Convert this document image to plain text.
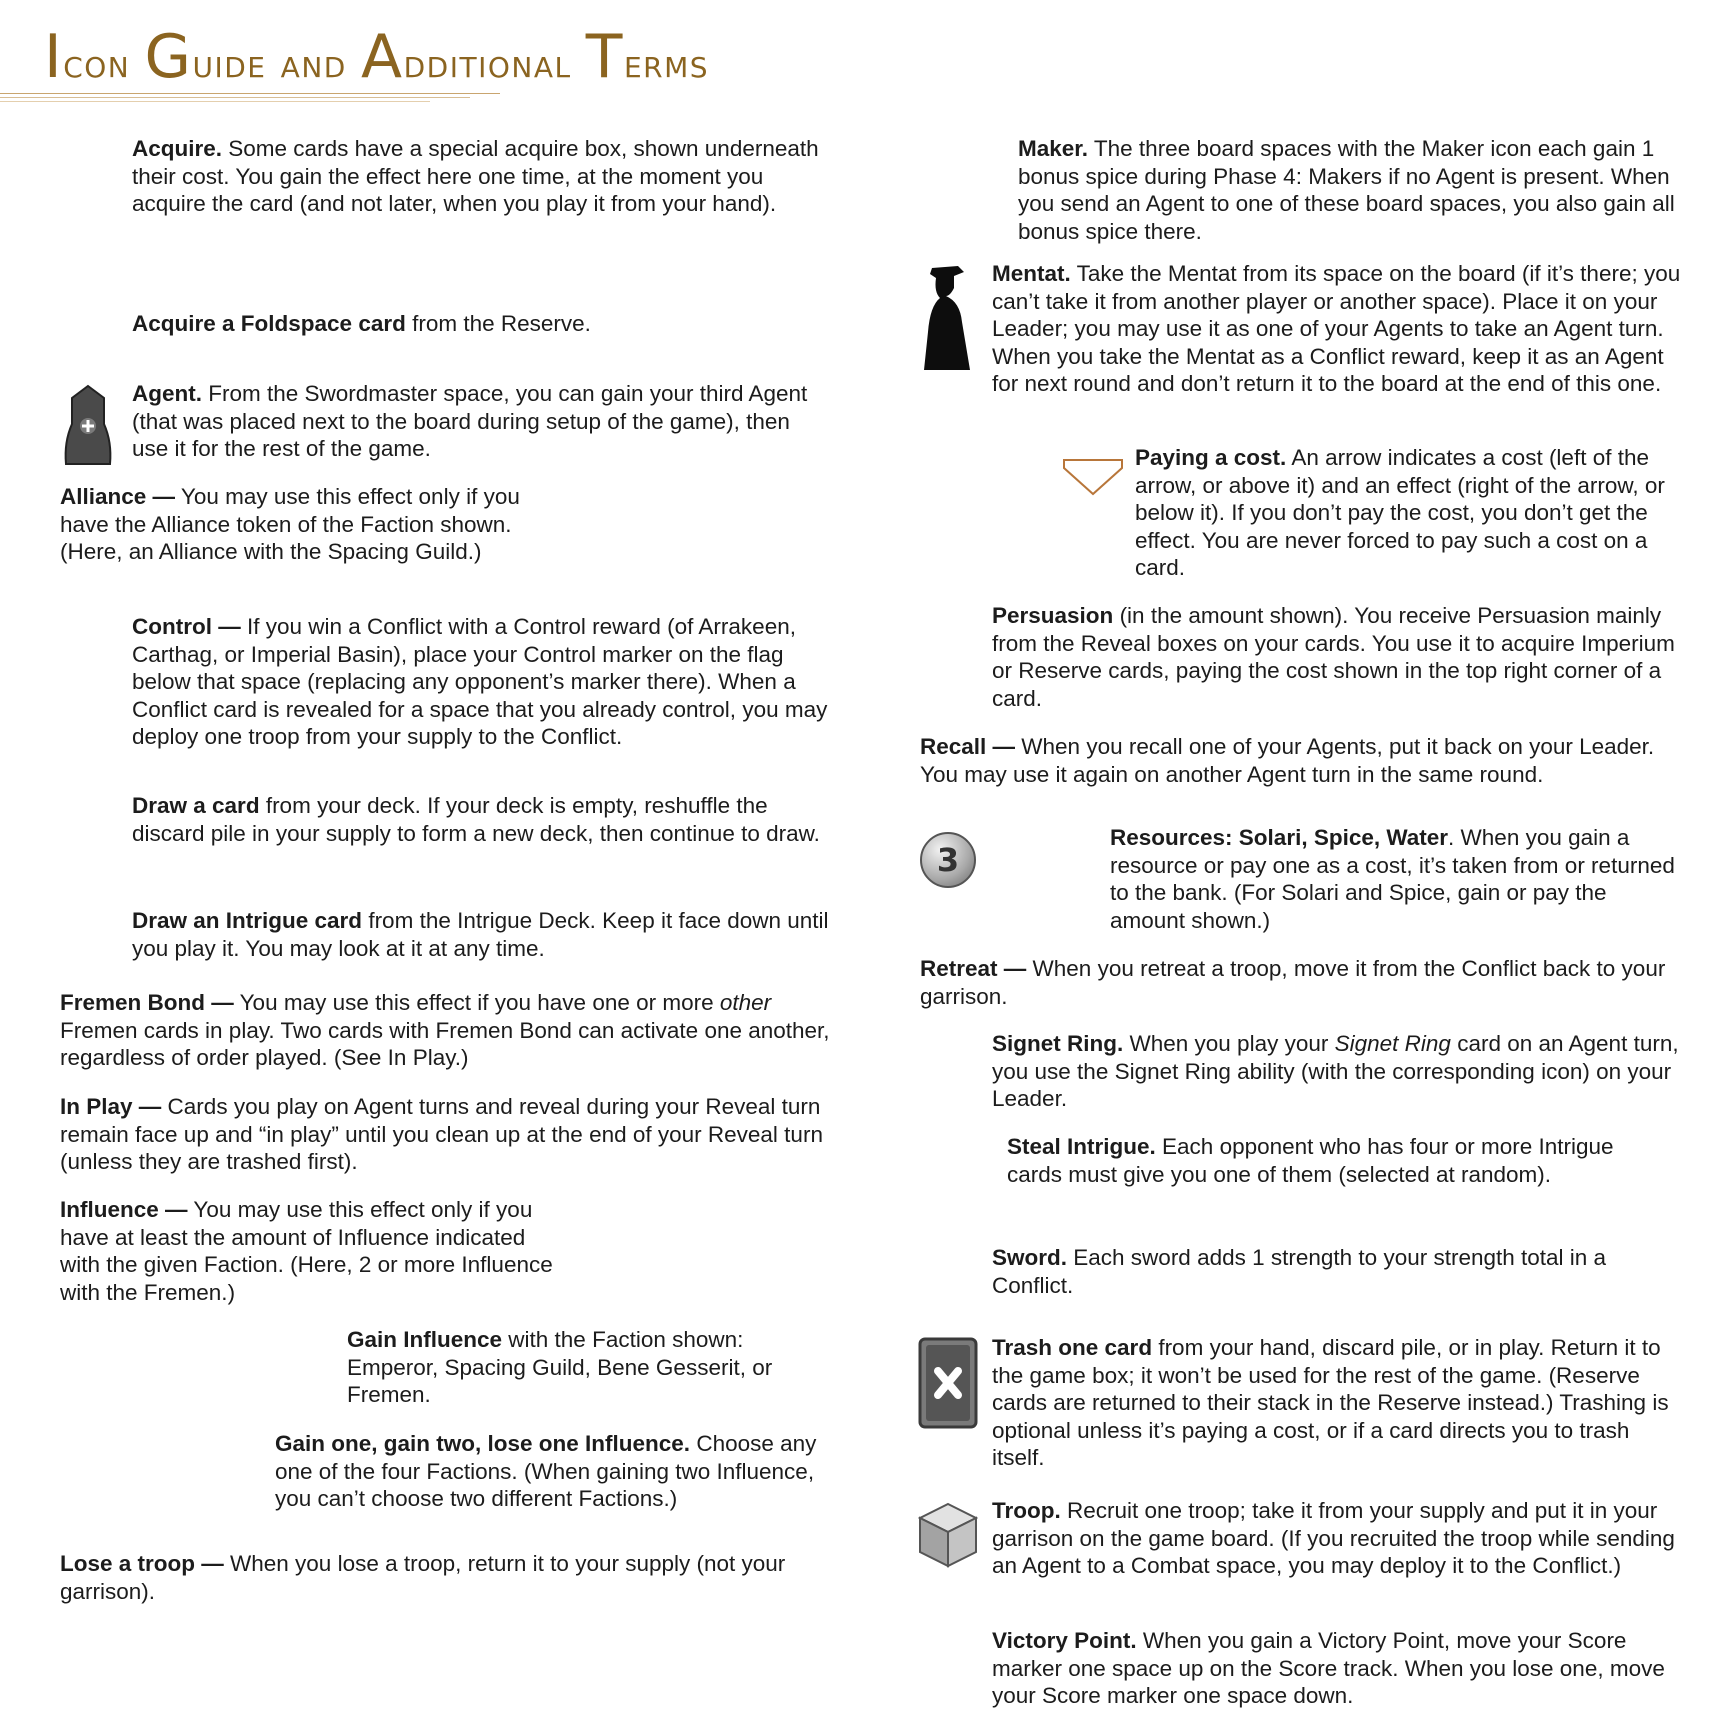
Icon Guide and Additional Terms

Acquire. Some cards have a special acquire box, shown underneath their cost. You gain the effect here one time, at the moment you acquire the card (and not later, when you play it from your hand).

Acquire a Foldspace card from the Reserve.

Agent. From the Swordmaster space, you can gain your third Agent (that was placed next to the board during setup of the game), then use it for the rest of the game.

Alliance — You may use this effect only if you have the Alliance token of the Faction shown. (Here, an Alliance with the Spacing Guild.)

Control — If you win a Conflict with a Control reward (of Arrakeen, Carthag, or Imperial Basin), place your Control marker on the flag below that space (replacing any opponent’s marker there). When a Conflict card is revealed for a space that you already control, you may deploy one troop from your supply to the Conflict.

Draw a card from your deck. If your deck is empty, reshuffle the discard pile in your supply to form a new deck, then continue to draw.

Draw an Intrigue card from the Intrigue Deck. Keep it face down until you play it. You may look at it at any time.

Fremen Bond — You may use this effect if you have one or more other Fremen cards in play. Two cards with Fremen Bond can activate one another, regardless of order played. (See In Play.)

In Play — Cards you play on Agent turns and reveal during your Reveal turn remain face up and “in play” until you clean up at the end of your Reveal turn (unless they are trashed first).

Influence — You may use this effect only if you have at least the amount of Influence indicated with the given Faction. (Here, 2 or more Influence with the Fremen.)

Gain Influence with the Faction shown: Emperor, Spacing Guild, Bene Gesserit, or Fremen.

Gain one, gain two, lose one Influence. Choose any one of the four Factions. (When gaining two Influence, you can’t choose two different Factions.)

Lose a troop — When you lose a troop, return it to your supply (not your garrison).

Maker. The three board spaces with the Maker icon each gain 1 bonus spice during Phase 4: Makers if no Agent is present. When you send an Agent to one of these board spaces, you also gain all bonus spice there.

Mentat. Take the Mentat from its space on the board (if it’s there; you can’t take it from another player or another space). Place it on your Leader; you may use it as one of your Agents to take an Agent turn. When you take the Mentat as a Conflict reward, keep it as an Agent for next round and don’t return it to the board at the end of this one.

Paying a cost. An arrow indicates a cost (left of the arrow, or above it) and an effect (right of the arrow, or below it). If you don’t pay the cost, you don’t get the effect. You are never forced to pay such a cost on a card.

Persuasion (in the amount shown). You receive Persuasion mainly from the Reveal boxes on your cards. You use it to acquire Imperium or Reserve cards, paying the cost shown in the top right corner of a card.

Recall — When you recall one of your Agents, put it back on your Leader. You may use it again on another Agent turn in the same round.

3

Resources: Solari, Spice, Water. When you gain a resource or pay one as a cost, it’s taken from or returned to the bank. (For Solari and Spice, gain or pay the amount shown.)

Retreat — When you retreat a troop, move it from the Conflict back to your garrison.

Signet Ring. When you play your Signet Ring card on an Agent turn, you use the Signet Ring ability (with the corresponding icon) on your Leader.

Steal Intrigue. Each opponent who has four or more Intrigue cards must give you one of them (selected at random).

Sword. Each sword adds 1 strength to your strength total in a Conflict.

Trash one card from your hand, discard pile, or in play. Return it to the game box; it won’t be used for the rest of the game. (Reserve cards are returned to their stack in the Reserve instead.) Trashing is optional unless it’s paying a cost, or if a card directs you to trash itself.

Troop. Recruit one troop; take it from your supply and put it in your garrison on the game board. (If you recruited the troop while sending an Agent to a Combat space, you may deploy it to the Conflict.)

Victory Point. When you gain a Victory Point, move your Score marker one space up on the Score track. When you lose one, move your Score marker one space down.
